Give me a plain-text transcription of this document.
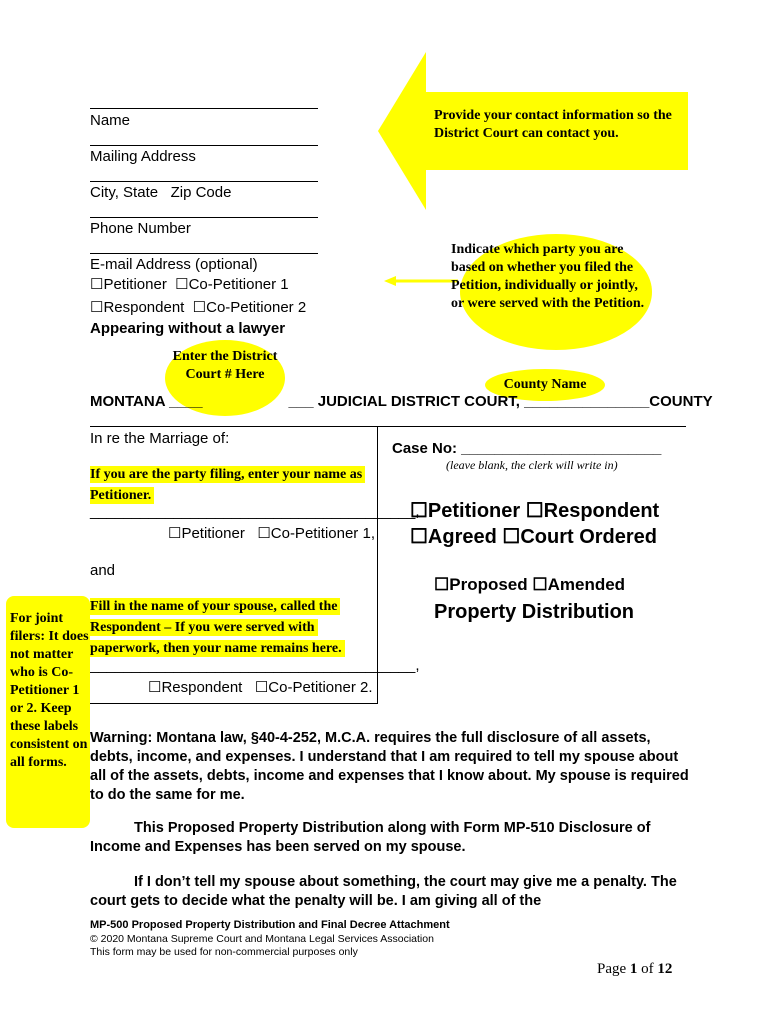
Name
Mailing Address
City, State   Zip Code
Phone Number
E-mail Address (optional)
☐Petitioner  ☐Co-Petitioner 1
☐Respondent  ☐Co-Petitioner 2
Appearing without a lawyer
Provide your contact information so the District Court can contact you.
Indicate which party you are based on whether you filed the Petition, individually or jointly, or were served with the Petition.
Enter the District Court # Here
County Name
MONTANA ____	___ JUDICIAL DISTRICT COURT, _______________COUNTY
In re the Marriage of:
If you are the party filing, enter your name as Petitioner.
_______________________________________,
☐Petitioner   ☐Co-Petitioner 1,
and
Fill in the name of your spouse, called the Respondent – If you were served with paperwork, then your name remains here.
_______________________________________,
☐Respondent   ☐Co-Petitioner 2.
For joint filers: It does not matter who is Co-Petitioner 1 or 2. Keep these labels consistent on all forms.
Case No: ________________________
(leave blank, the clerk will write in)
☐Petitioner ☐Respondent
☐Agreed ☐Court Ordered
☐Proposed ☐Amended
Property Distribution
Warning: Montana law, §40-4-252, M.C.A. requires the full disclosure of all assets, debts, income, and expenses. I understand that I am required to tell my spouse about all of the assets, debts, income and expenses that I know about. My spouse is required to do the same for me.
This Proposed Property Distribution along with Form MP-510 Disclosure of Income and Expenses has been served on my spouse.
If I don’t tell my spouse about something, the court may give me a penalty. The court gets to decide what the penalty will be. I am giving all of the
MP-500 Proposed Property Distribution and Final Decree Attachment
© 2020 Montana Supreme Court and Montana Legal Services Association
This form may be used for non-commercial purposes only
Page 1 of 12
